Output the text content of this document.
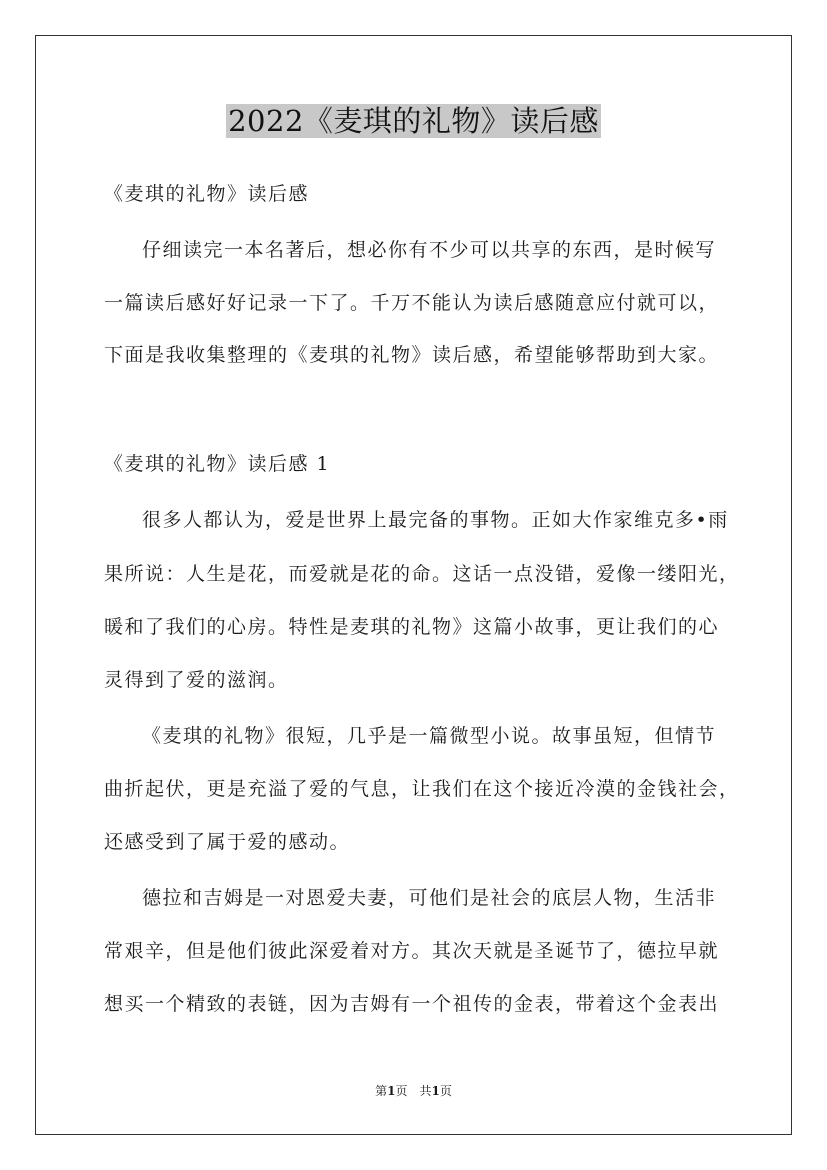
2022《麦琪的礼物》读后感
《麦琪的礼物》读后感
仔细读完一本名著后，想必你有不少可以共享的东西，是时候写
一篇读后感好好记录一下了。千万不能认为读后感随意应付就可以，
下面是我收集整理的《麦琪的礼物》读后感，希望能够帮助到大家。
《麦琪的礼物》读后感 1
很多人都认为，爱是世界上最完备的事物。正如大作家维克多•雨
果所说：人生是花，而爱就是花的命。这话一点没错，爱像一缕阳光，
暖和了我们的心房。特性是麦琪的礼物》这篇小故事，更让我们的心
灵得到了爱的滋润。
《麦琪的礼物》很短，几乎是一篇微型小说。故事虽短，但情节
曲折起伏，更是充溢了爱的气息，让我们在这个接近冷漠的金钱社会，
还感受到了属于爱的感动。
德拉和吉姆是一对恩爱夫妻，可他们是社会的底层人物，生活非
常艰辛，但是他们彼此深爱着对方。其次天就是圣诞节了，德拉早就
想买一个精致的表链，因为吉姆有一个祖传的金表，带着这个金表出
第1页　共1页
